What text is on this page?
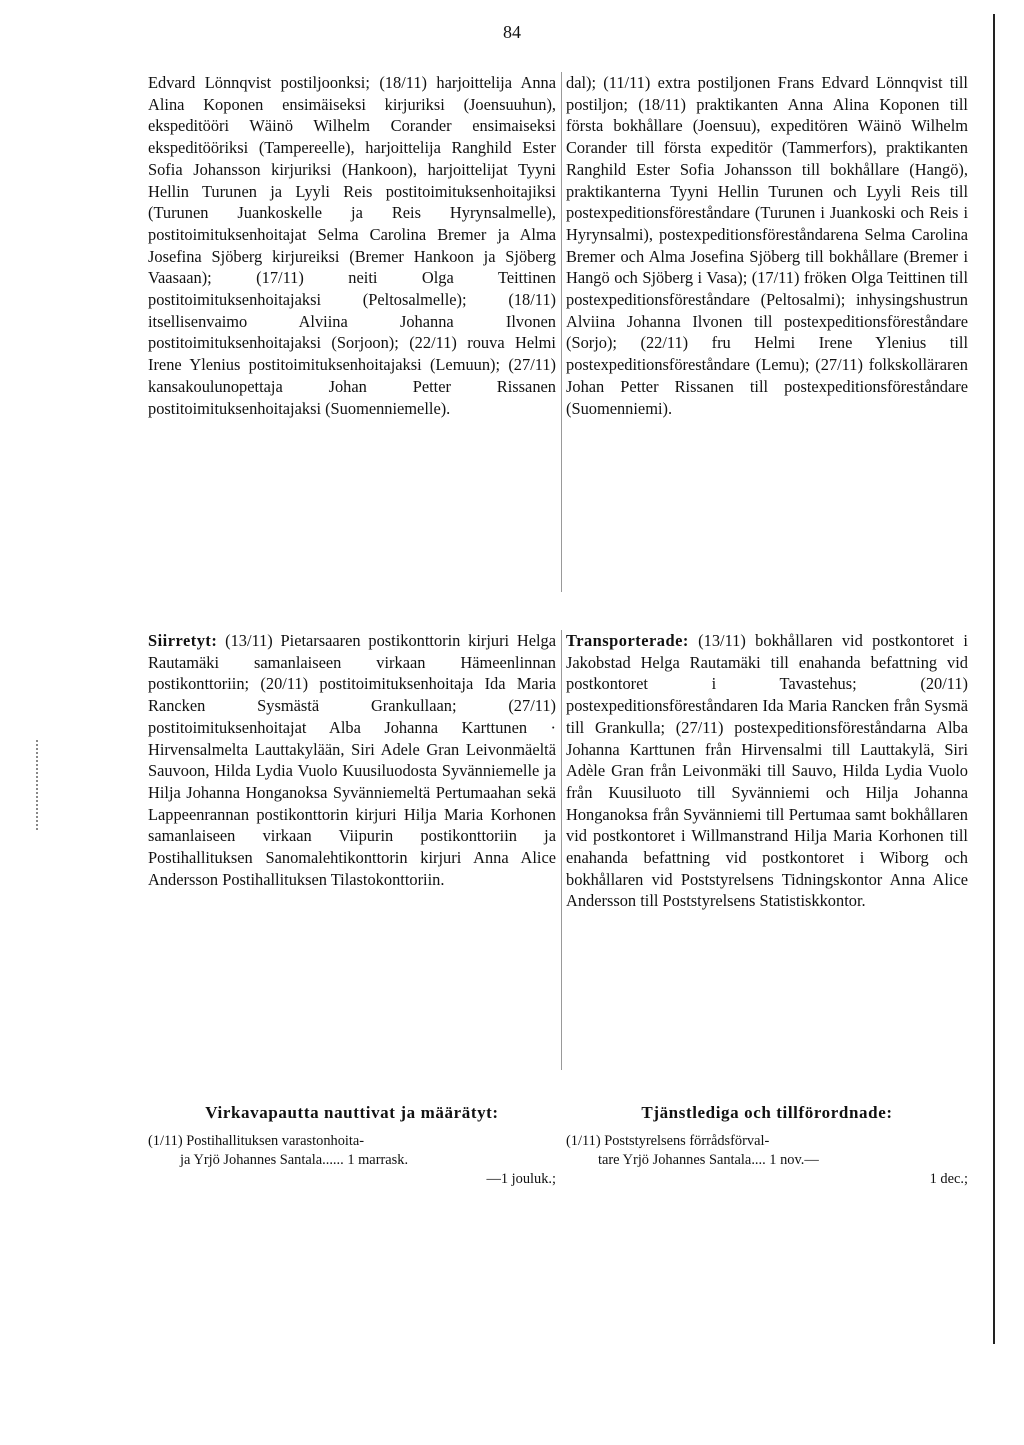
84

Edvard Lönnqvist postiljoonksi; (18/11) harjoittelija Anna Alina Koponen ensimäiseksi kirjuriksi (Joensuuhun), ekspeditööri Wäinö Wilhelm Corander ensimaiseksi ekspeditööriksi (Tampereelle), harjoittelija Ranghild Ester Sofia Johansson kirjuriksi (Hankoon), harjoittelijat Tyyni Hellin Turunen ja Lyyli Reis postitoimituksenhoitajiksi (Turunen Juankoskelle ja Reis Hyrynsalmelle), postitoimituksenhoitajat Selma Carolina Bremer ja Alma Josefina Sjöberg kirjureiksi (Bremer Hankoon ja Sjöberg Vaasaan); (17/11) neiti Olga Teittinen postitoimituksenhoitajaksi (Peltosalmelle); (18/11) itsellisenvaimo Alviina Johanna Ilvonen postitoimituksenhoitajaksi (Sorjoon); (22/11) rouva Helmi Irene Ylenius postitoimituksenhoitajaksi (Lemuun); (27/11) kansakoulunopettaja Johan Petter Rissanen postitoimituksenhoitajaksi (Suomenniemelle).

dal); (11/11) extra postiljonen Frans Edvard Lönnqvist till postiljon; (18/11) praktikanten Anna Alina Koponen till första bokhållare (Joensuu), expeditören Wäinö Wilhelm Corander till första expeditör (Tammerfors), praktikanten Ranghild Ester Sofia Johansson till bokhållare (Hangö), praktikanterna Tyyni Hellin Turunen och Lyyli Reis till postexpeditionsföreståndare (Turunen i Juankoski och Reis i Hyrynsalmi), postexpeditionsföreståndarena Selma Carolina Bremer och Alma Josefina Sjöberg till bokhållare (Bremer i Hangö och Sjöberg i Vasa); (17/11) fröken Olga Teittinen till postexpeditionsföreståndare (Peltosalmi); inhysingshustrun Alviina Johanna Ilvonen till postexpeditionsföreståndare (Sorjo); (22/11) fru Helmi Irene Ylenius till postexpeditionsföreståndare (Lemu); (27/11) folkskolläraren Johan Petter Rissanen till postexpeditionsföreståndare (Suomenniemi).

Siirretyt: (13/11) Pietarsaaren postikonttorin kirjuri Helga Rautamäki samanlaiseen virkaan Hämeenlinnan postikonttoriin; (20/11) postitoimituksenhoitaja Ida Maria Rancken Sysmästä Grankullaan; (27/11) postitoimituksenhoitajat Alba Johanna Karttunen · Hirvensalmelta Lauttakylään, Siri Adele Gran Leivonmäeltä Sauvoon, Hilda Lydia Vuolo Kuusiluodosta Syvänniemelle ja Hilja Johanna Honganoksa Syvänniemeltä Pertumaahan sekä Lappeenrannan postikonttorin kirjuri Hilja Maria Korhonen samanlaiseen virkaan Viipurin postikonttoriin ja Postihallituksen Sanomalehtikonttorin kirjuri Anna Alice Andersson Postihallituksen Tilastokonttoriin.

Transporterade: (13/11) bokhållaren vid postkontoret i Jakobstad Helga Rautamäki till enahanda befattning vid postkontoret i Tavastehus; (20/11) postexpeditionsföreståndaren Ida Maria Rancken från Sysmä till Grankulla; (27/11) postexpeditionsföreståndarna Alba Johanna Karttunen från Hirvensalmi till Lauttakylä, Siri Adèle Gran från Leivonmäki till Sauvo, Hilda Lydia Vuolo från Kuusiluoto till Syvänniemi och Hilja Johanna Honganoksa från Syvänniemi till Pertumaa samt bokhållaren vid postkontoret i Willmanstrand Hilja Maria Korhonen till enahanda befattning vid postkontoret i Wiborg och bokhållaren vid Poststyrelsens Tidningskontor Anna Alice Andersson till Poststyrelsens Statistiskkontor.

Virkavapautta nauttivat ja määrätyt:
(1/11) Postihallituksen varastonhoita-
ja Yrjö Johannes Santala...... 1 marrask.
—1 jouluk.;
Tjänstlediga och tillförordnade:
(1/11) Poststyrelsens förrådsförval-
tare Yrjö Johannes Santala.... 1 nov.—
1 dec.;
